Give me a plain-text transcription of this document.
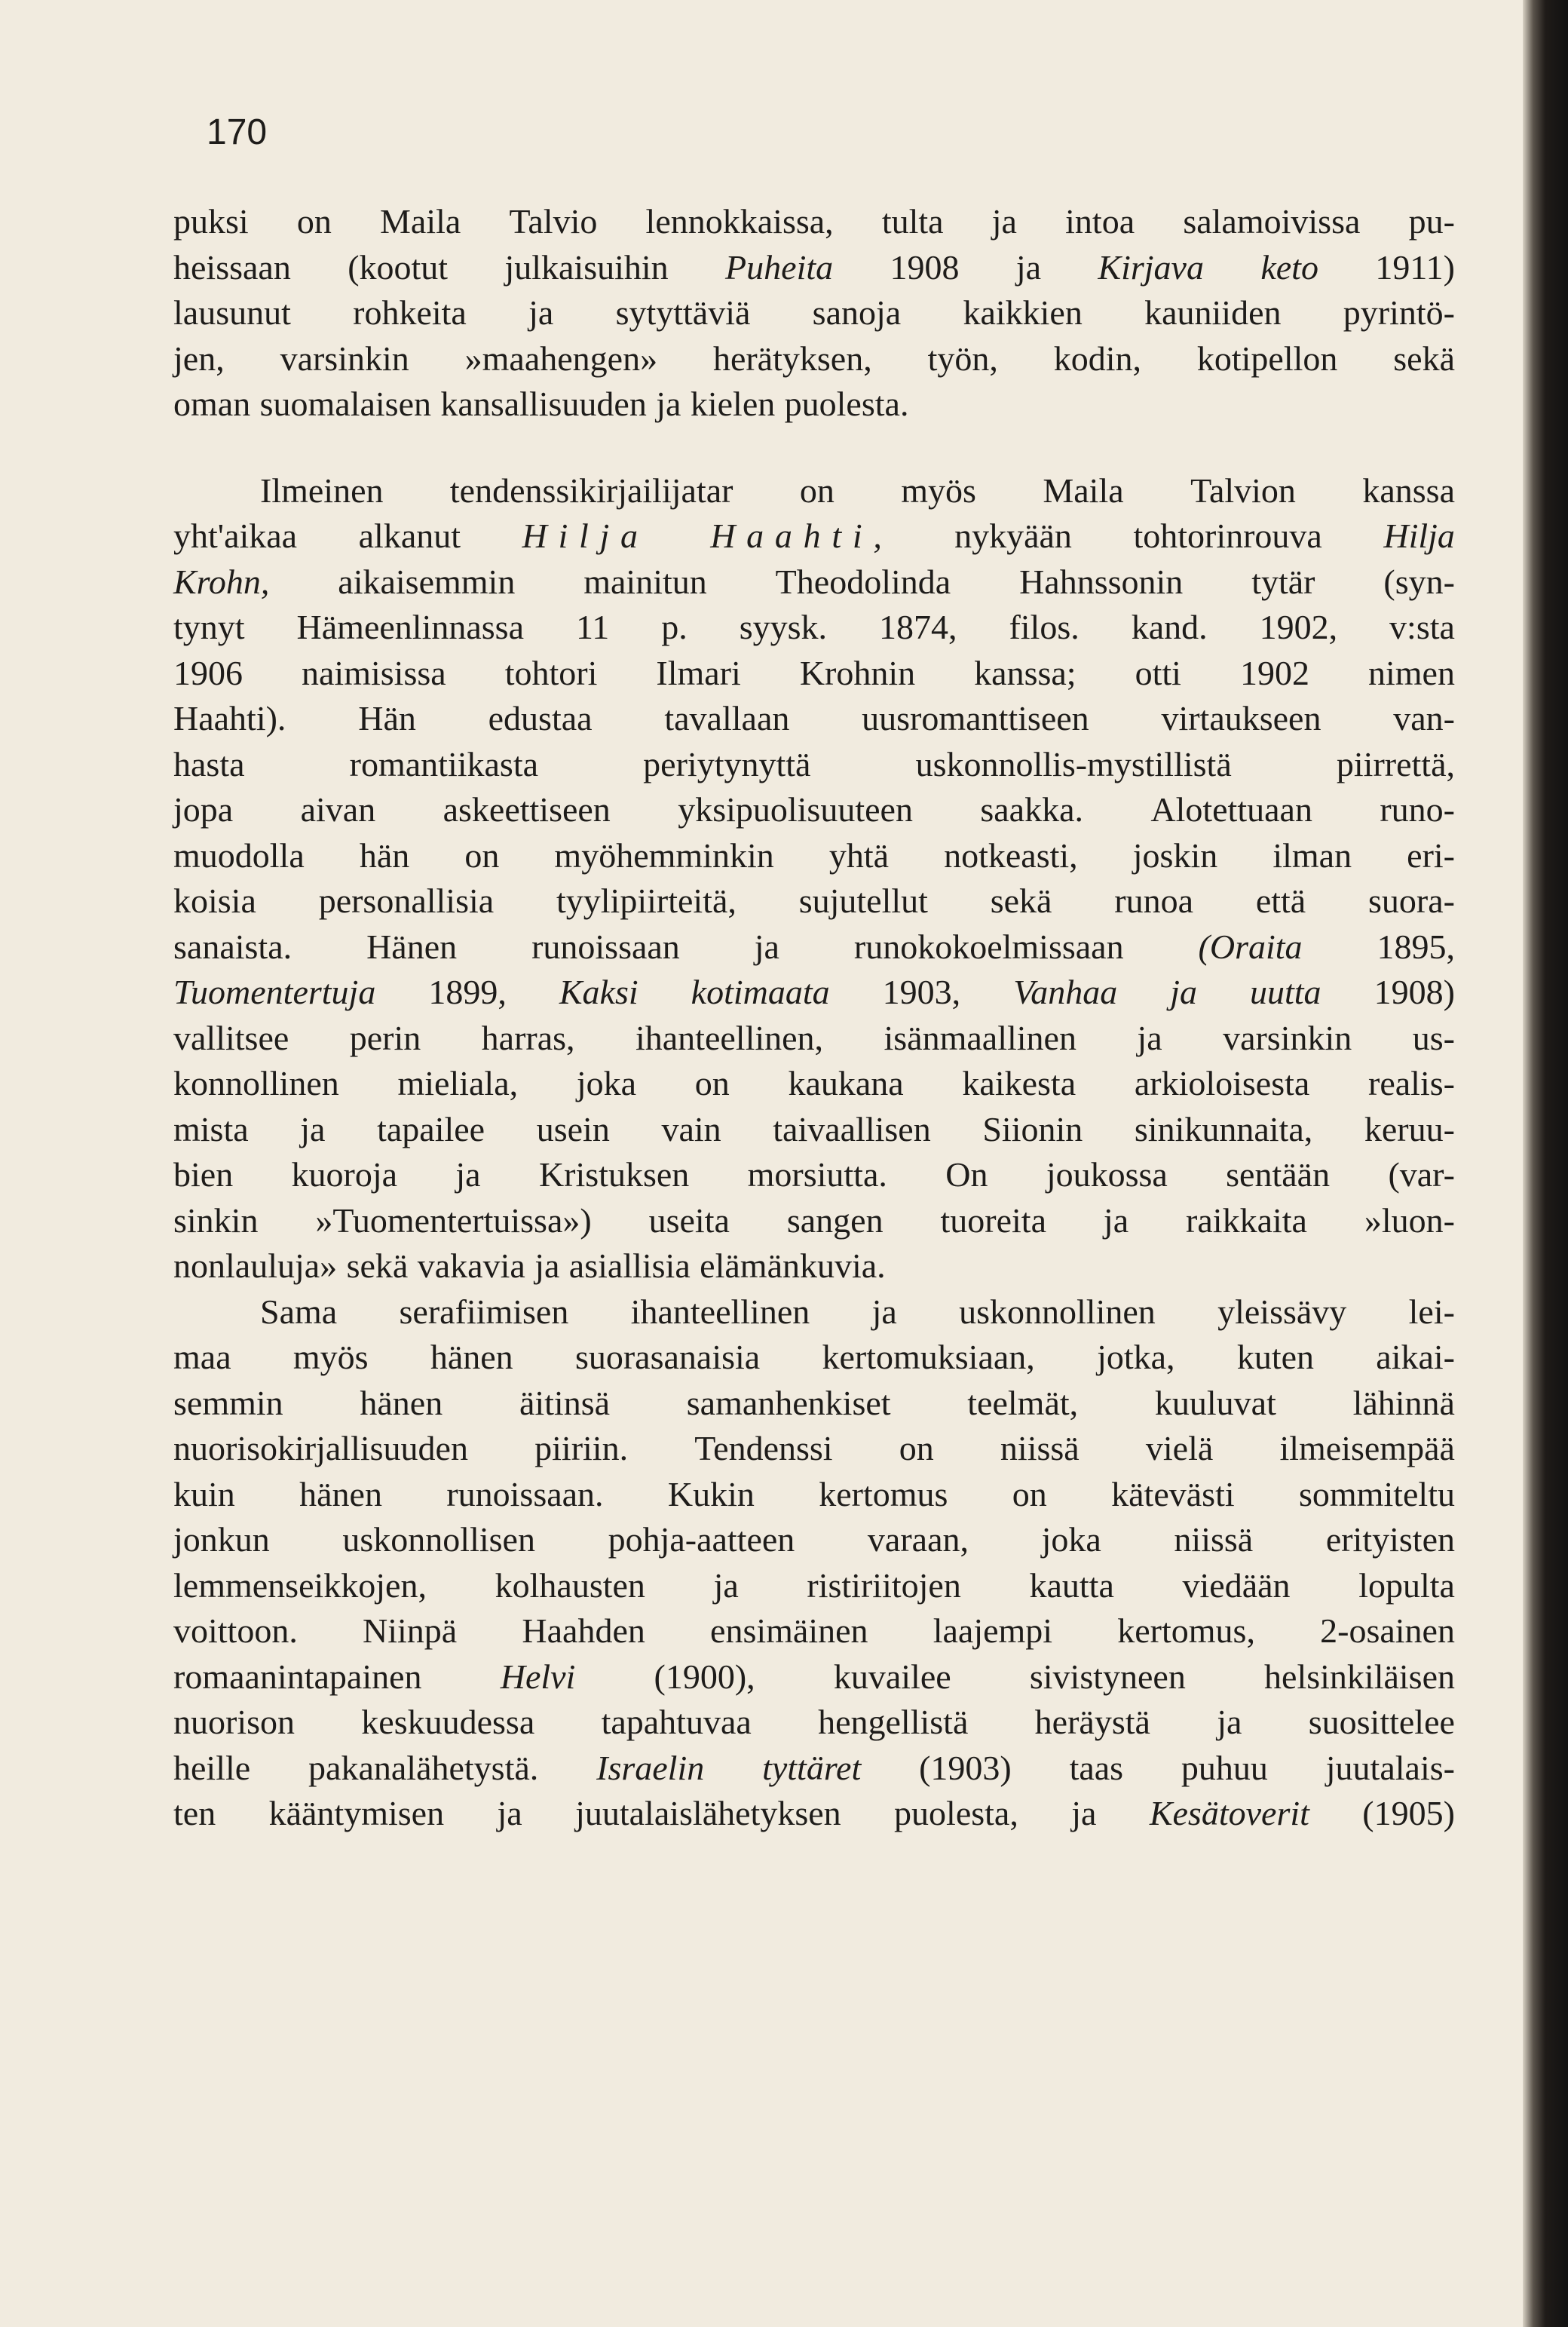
170
puksi on Maila Talvio lennokkaissa, tulta ja intoa salamoivissa pu-
heissaan (kootut julkaisuihin Puheita 1908 ja Kirjava keto 1911)
lausunut rohkeita ja sytyttäviä sanoja kaikkien kauniiden pyrintö-
jen, varsinkin »maahengen» herätyksen, työn, kodin, kotipellon sekä
oman suomalaisen kansallisuuden ja kielen puolesta.
Ilmeinen tendenssikirjailijatar on myös Maila Talvion kanssa
yht'aikaa alkanut Hilja Haahti, nykyään tohtorinrouva Hilja
Krohn, aikaisemmin mainitun Theodolinda Hahnssonin tytär (syn-
tynyt Hämeenlinnassa 11 p. syysk. 1874, filos. kand. 1902, v:sta
1906 naimisissa tohtori Ilmari Krohnin kanssa; otti 1902 nimen
Haahti). Hän edustaa tavallaan uusromanttiseen virtaukseen van-
hasta	romantiikasta	periytynyttä	uskonnollis-mystillistä	piirrettä,
jopa aivan askeettiseen yksipuolisuuteen saakka. Alotettuaan runo-
muodolla hän on myöhemminkin yhtä notkeasti, joskin ilman eri-
koisia personallisia tyylipiirteitä, sujutellut sekä runoa että suora-
sanaista. Hänen runoissaan ja runokokoelmissaan (Oraita 1895,
Tuomentertuja 1899, Kaksi kotimaata 1903, Vanhaa ja uutta 1908)
vallitsee perin harras, ihanteellinen, isänmaallinen ja varsinkin us-
konnollinen mieliala, joka on kaukana kaikesta arkioloisesta realis-
mista ja tapailee usein vain taivaallisen Siionin sinikunnaita, keruu-
bien kuoroja ja Kristuksen morsiutta. On joukossa sentään (var-
sinkin »Tuomentertuissa») useita sangen tuoreita ja raikkaita »luon-
nonlauluja» sekä vakavia ja asiallisia elämänkuvia.
Sama serafiimisen ihanteellinen ja uskonnollinen yleissävy lei-
maa myös hänen suorasanaisia kertomuksiaan, jotka, kuten aikai-
semmin hänen äitinsä samanhenkiset teelmät, kuuluvat lähinnä
nuorisokirjallisuuden piiriin. Tendenssi on niissä vielä ilmeisempää
kuin hänen runoissaan. Kukin kertomus on kätevästi sommiteltu
jonkun uskonnollisen pohja-aatteen varaan, joka niissä erityisten
lemmenseikkojen, kolhausten ja ristiriitojen kautta viedään lopulta
voittoon. Niinpä Haahden ensimäinen laajempi kertomus, 2-osainen
romaanintapainen Helvi (1900), kuvailee sivistyneen helsinkiläisen
nuorison keskuudessa tapahtuvaa hengellistä heräystä ja suosittelee
heille pakanalähetystä. Israelin tyttäret (1903) taas puhuu juutalais-
ten kääntymisen ja juutalaislähetyksen puolesta, ja Kesätoverit (1905)
